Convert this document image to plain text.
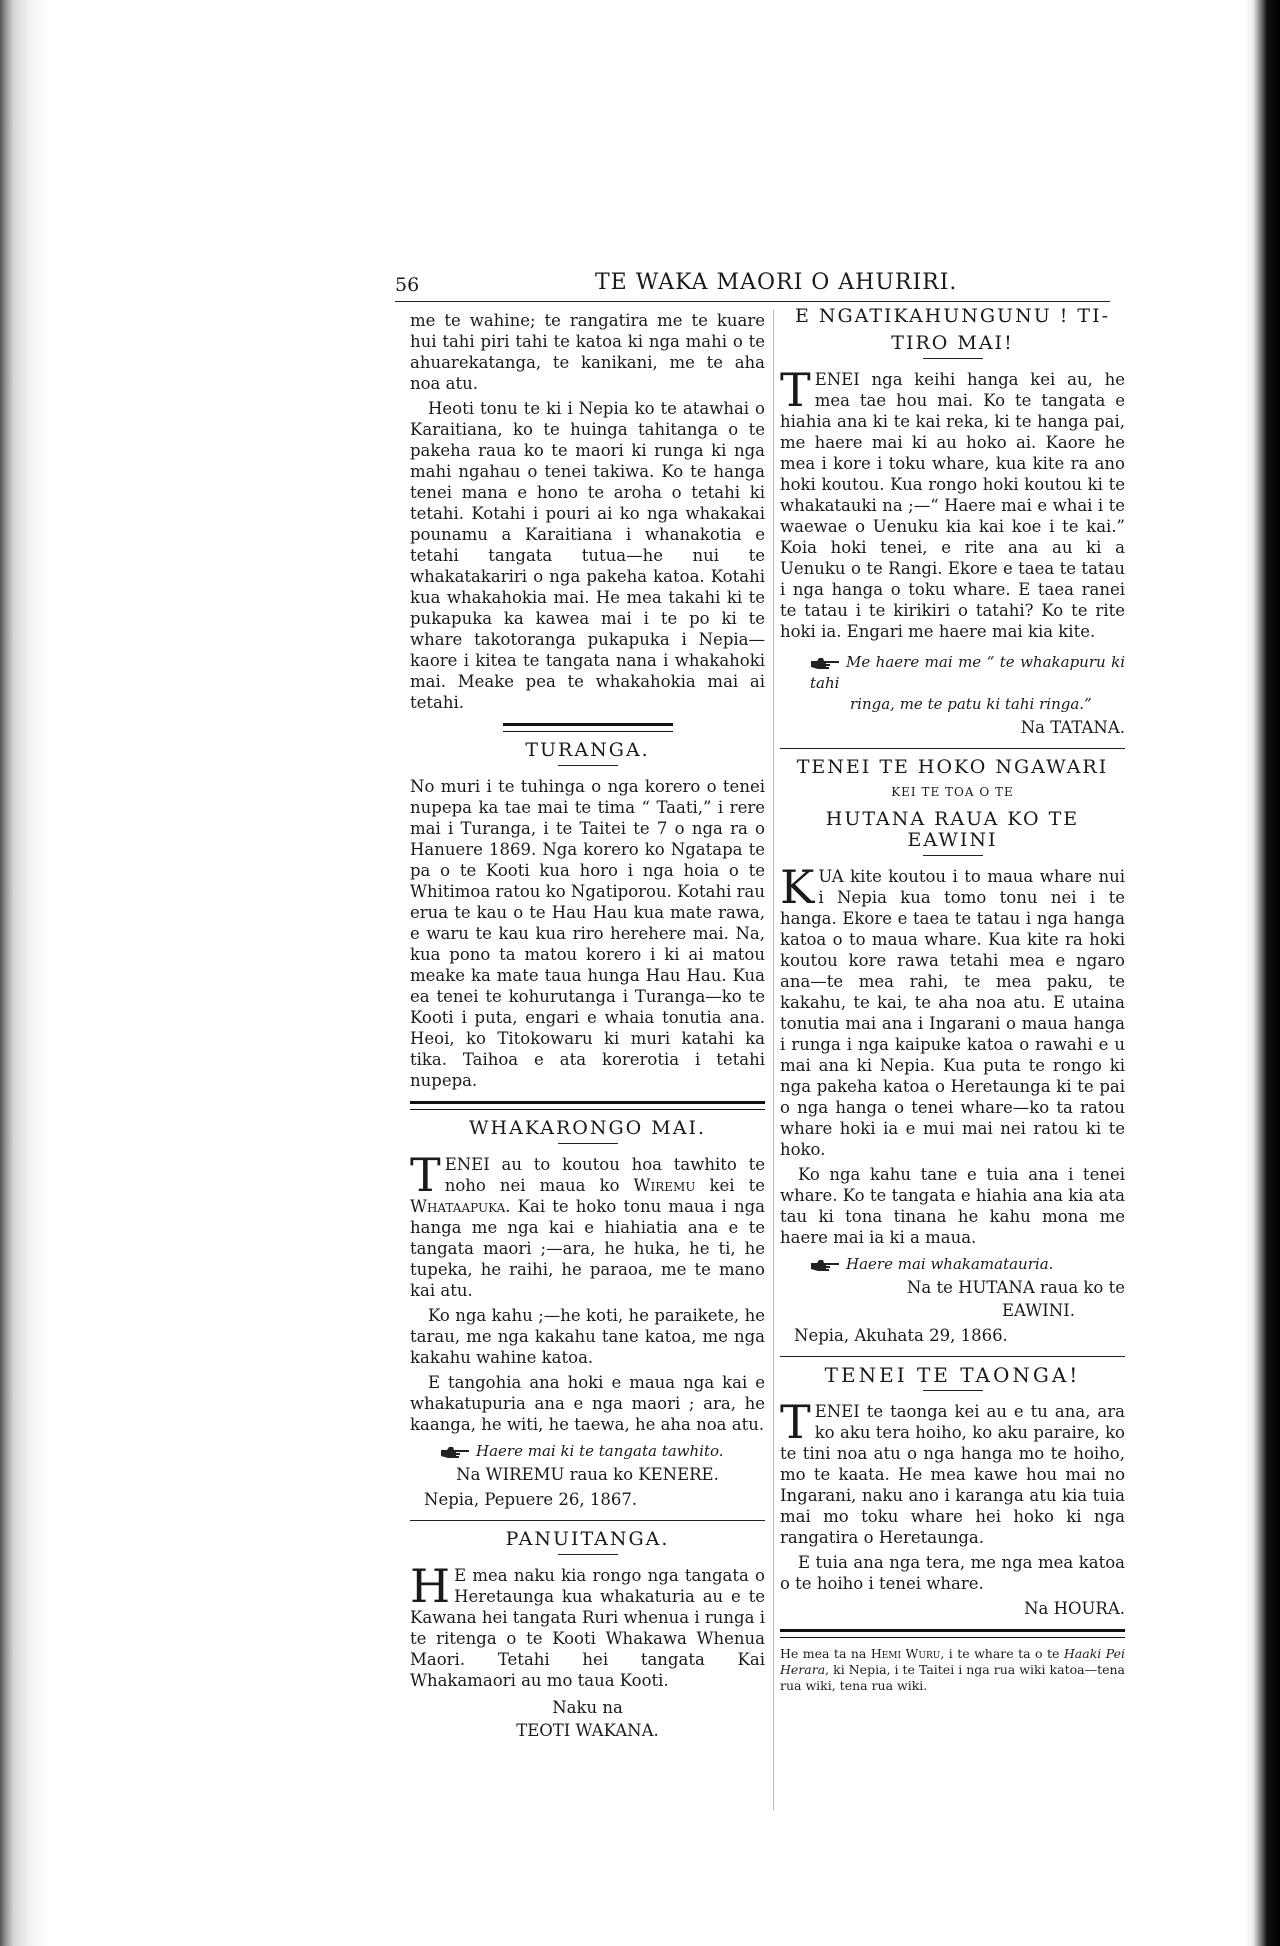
56	TE WAKA MAORI O AHURIRI.

me te wahine; te rangatira me te kuare hui tahi piri tahi te katoa ki nga mahi o te ahuarekatanga, te kanikani, me te aha noa atu.

Heoti tonu te ki i Nepia ko te atawhai o Karaitiana, ko te huinga tahitanga o te pakeha raua ko te maori ki runga ki nga mahi ngahau o tenei takiwa. Ko te hanga tenei mana e hono te aroha o tetahi ki tetahi. Kotahi i pouri ai ko nga whakakai pounamu a Karaitiana i whanakotia e tetahi tangata tutua—he nui te whakatakariri o nga pakeha katoa. Kotahi kua whakahokia mai. He mea takahi ki te pukapuka ka kawea mai i te po ki te whare takotoranga pukapuka i Nepia—kaore i kitea te tangata nana i whakahoki mai. Meake pea te whakahokia mai ai tetahi.

TURANGA.

No muri i te tuhinga o nga korero o tenei nupepa ka tae mai te tima “ Taati,” i rere mai i Turanga, i te Taitei te 7 o nga ra o Hanuere 1869. Nga korero ko Ngatapa te pa o te Kooti kua horo i nga hoia o te Whitimoa ratou ko Ngatiporou. Kotahi rau erua te kau o te Hau Hau kua mate rawa, e waru te kau kua riro herehere mai. Na, kua pono ta matou korero i ki ai matou meake ka mate taua hunga Hau Hau. Kua ea tenei te kohurutanga i Turanga—ko te Kooti i puta, engari e whaia tonutia ana. Heoi, ko Titokowaru ki muri katahi ka tika. Taihoa e ata korerotia i tetahi nupepa.

WHAKARONGO MAI.

TENEI au to koutou hoa tawhito te noho nei maua ko Wiremu kei te Whataapuka. Kai te hoko tonu maua i nga hanga me nga kai e hiahiatia ana e te tangata maori ;—ara, he huka, he ti, he tupeka, he raihi, he paraoa, me te mano kai atu.

Ko nga kahu ;—he koti, he paraikete, he tarau, me nga kakahu tane katoa, me nga kakahu wahine katoa.

E tangohia ana hoki e maua nga kai e whakatupuria ana e nga maori ; ara, he kaanga, he witi, he taewa, he aha noa atu.

Haere mai ki te tangata tawhito.
Na WIREMU raua ko KENERE.
Nepia, Pepuere 26, 1867.
PANUITANGA.

H E mea naku kia rongo nga tangata o Heretaunga kua whakaturia au e te Kawana hei tangata Ruri whenua i runga i te ritenga o te Kooti Whakawa Whenua Maori. Tetahi hei tangata Kai Whakamaori au mo taua Kooti.

Naku na
TEOTI WAKANA.
E NGATIKAHUNGUNU ! TI-
TIRO MAI!

TENEI nga keihi hanga kei au, he mea tae hou mai. Ko te tangata e hiahia ana ki te kai reka, ki te hanga pai, me haere mai ki au hoko ai. Kaore he mea i kore i toku whare, kua kite ra ano hoki koutou. Kua rongo hoki koutou ki te whakatauki na ;—“ Haere mai e whai i te waewae o Uenuku kia kai koe i te kai.” Koia hoki tenei, e rite ana au ki a Uenuku o te Rangi. Ekore e taea te tatau i nga hanga o toku whare. E taea ranei te tatau i te kirikiri o tatahi? Ko te rite hoki ia. Engari me haere mai kia kite.

Me haere mai me “ te whakapuru ki tahi
ringa, me te patu ki tahi ringa.”
Na TATANA.
TENEI TE HOKO NGAWARI
KEI TE TOA O TE
HUTANA RAUA KO TE EAWINI

KUA kite koutou i to maua whare nui i Nepia kua tomo tonu nei i te hanga. Ekore e taea te tatau i nga hanga katoa o to maua whare. Kua kite ra hoki koutou kore rawa tetahi mea e ngaro ana—te mea rahi, te mea paku, te kakahu, te kai, te aha noa atu. E utaina tonutia mai ana i Ingarani o maua hanga i runga i nga kaipuke katoa o rawahi e u mai ana ki Nepia. Kua puta te rongo ki nga pakeha katoa o Heretaunga ki te pai o nga hanga o tenei whare—ko ta ratou whare hoki ia e mui mai nei ratou ki te hoko.

Ko nga kahu tane e tuia ana i tenei whare. Ko te tangata e hiahia ana kia ata tau ki tona tinana he kahu mona me haere mai ia ki a maua.

Haere mai whakamatauria.
Na te HUTANA raua ko te
EAWINI.
Nepia, Akuhata 29, 1866.
TENEI TE TAONGA!

TENEI te taonga kei au e tu ana, ara ko aku tera hoiho, ko aku paraire, ko te tini noa atu o nga hanga mo te hoiho, mo te kaata. He mea kawe hou mai no Ingarani, naku ano i karanga atu kia tuia mai mo toku whare hei hoko ki nga rangatira o Heretaunga.

E tuia ana nga tera, me nga mea katoa o te hoiho i tenei whare.

Na HOURA.
He mea ta na Hemi Wuru, i te whare ta o te Haaki Pei Herara, ki Nepia, i te Taitei i nga rua wiki katoa—tena rua wiki, tena rua wiki.
